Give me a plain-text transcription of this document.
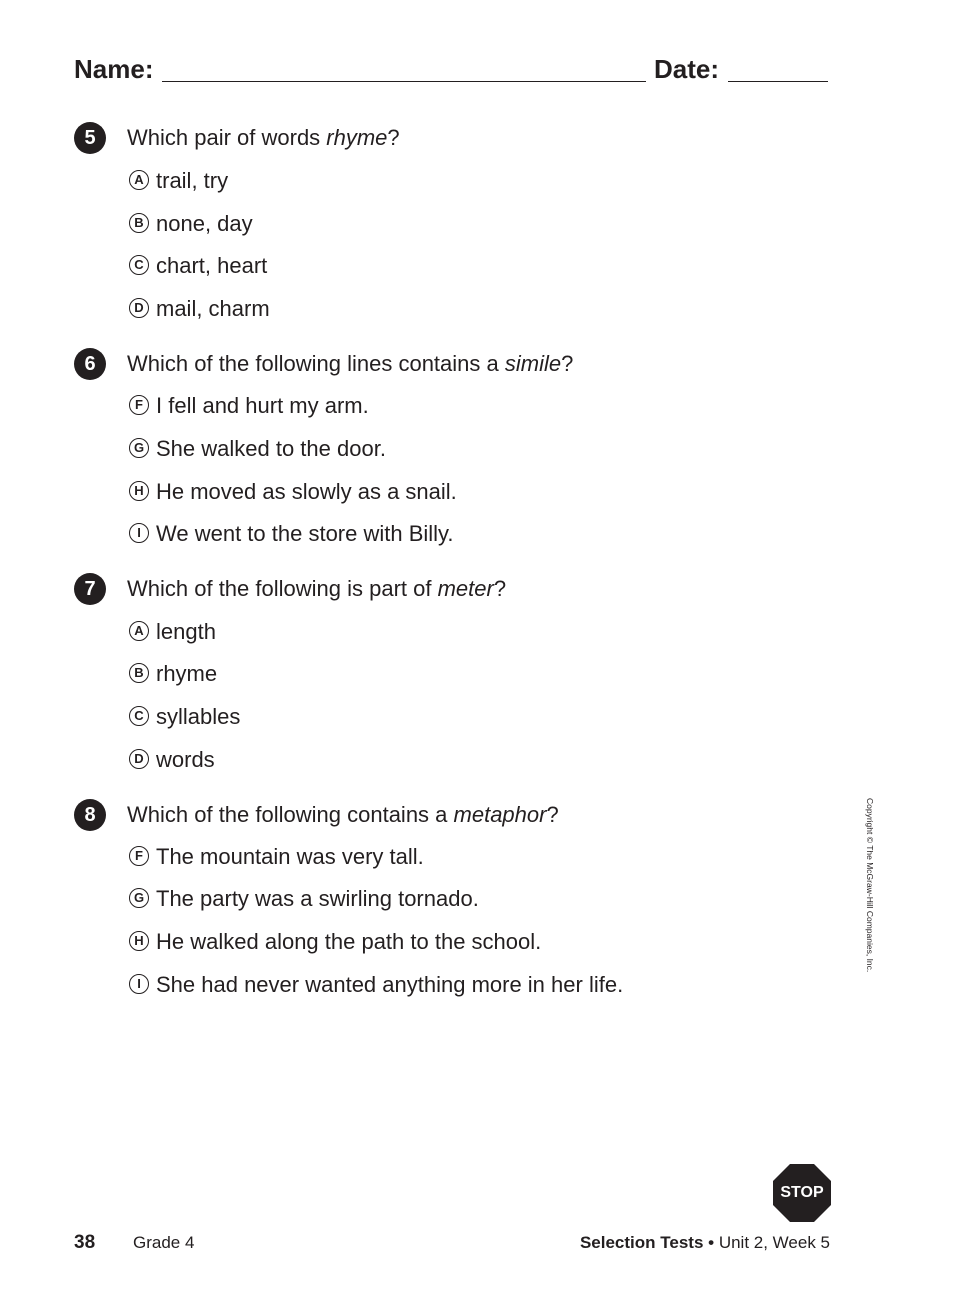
Name:	Date:
5	Which pair of words rhyme?
A trail, try
B none, day
C chart, heart
D mail, charm
6	Which of the following lines contains a simile?
F I fell and hurt my arm.
G She walked to the door.
H He moved as slowly as a snail.
I We went to the store with Billy.
7	Which of the following is part of meter?
A length
B rhyme
C syllables
D words
8	Which of the following contains a metaphor?
F The mountain was very tall.
G The party was a swirling tornado.
H He walked along the path to the school.
I She had never wanted anything more in her life.
Copyright © The McGraw-Hill Companies, Inc.
STOP
38 Grade 4	Selection Tests • Unit 2, Week 5
